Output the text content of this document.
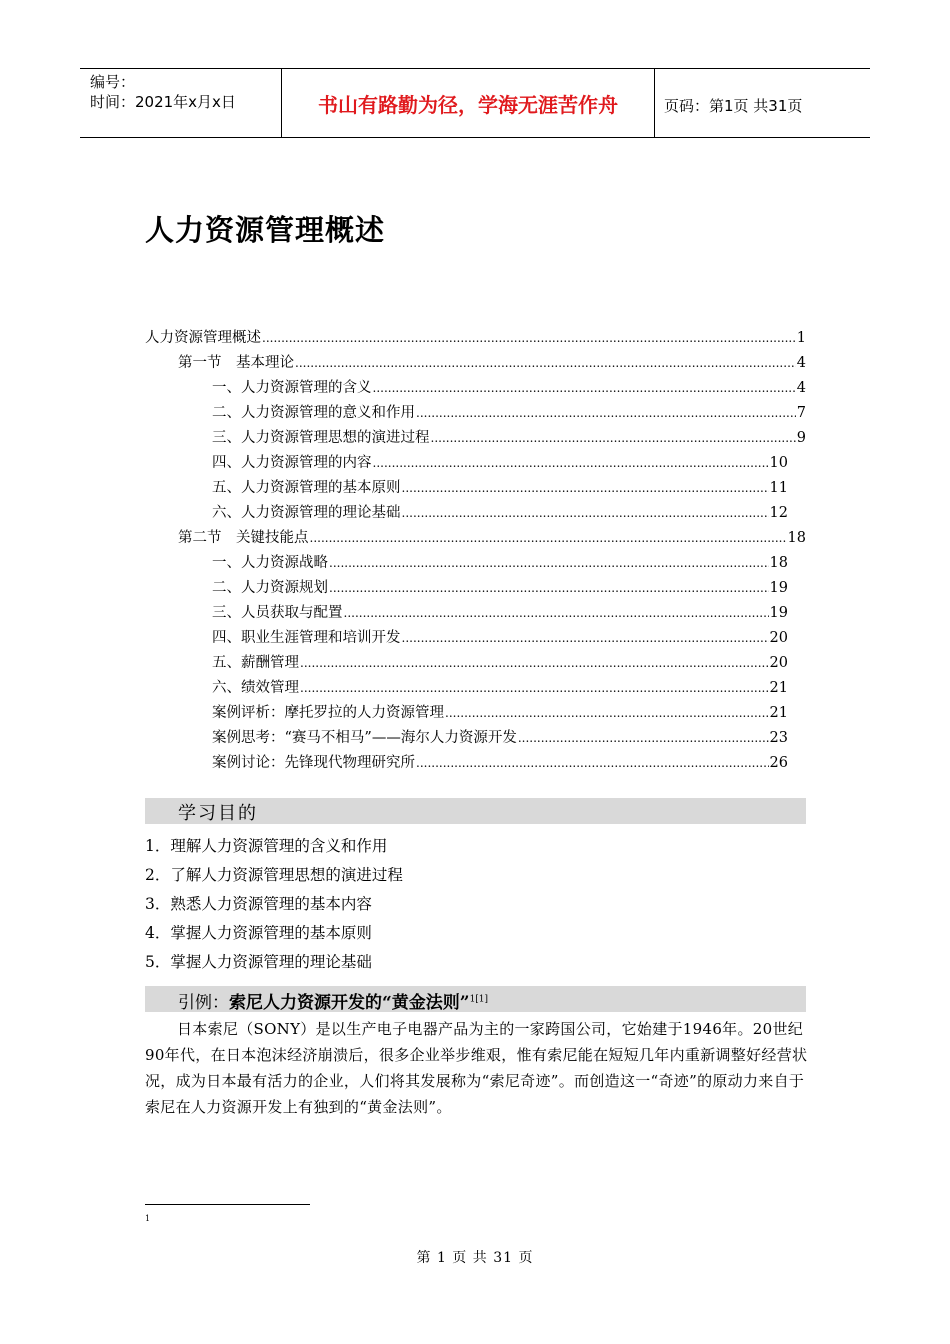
编号：
时间：2021年x月x日	书山有路勤为径，学海无涯苦作舟	页码：第1页 共31页
人力资源管理概述
人力资源管理概述 .....	1
第一节　基本理论 .....	4
一、人力资源管理的含义 .....	4
二、人力资源管理的意义和作用 .....	7
三、人力资源管理思想的演进过程 .....	9
四、人力资源管理的内容 .....	10
五、人力资源管理的基本原则 .....	11
六、人力资源管理的理论基础 .....	12
第二节　关键技能点 .....	18
一、人力资源战略 .....	18
二、人力资源规划 .....	19
三、人员获取与配置 .....	19
四、职业生涯管理和培训开发 .....	20
五、薪酬管理 .....	20
六、绩效管理 .....	21
案例评析：摩托罗拉的人力资源管理 .....	21
案例思考：“赛马不相马”——海尔人力资源开发 .....	23
案例讨论：先锋现代物理研究所 .....	26
学习目的
1．理解人力资源管理的含义和作用
2．了解人力资源管理思想的演进过程
3．熟悉人力资源管理的基本内容
4．掌握人力资源管理的基本原则
5．掌握人力资源管理的理论基础
引例：索尼人力资源开发的“黄金法则”$^{1[1]}$
日本索尼（SONY）是以生产电子电器产品为主的一家跨国公司，它始建于1946年。20世纪90年代，在日本泡沫经济崩溃后，很多企业举步维艰，惟有索尼能在短短几年内重新调整好经营状况，成为日本最有活力的企业，人们将其发展称为“索尼奇迹”。而创造这一“奇迹”的原动力来自于索尼在人力资源开发上有独到的“黄金法则”。
1
第 1 页 共 31 页
